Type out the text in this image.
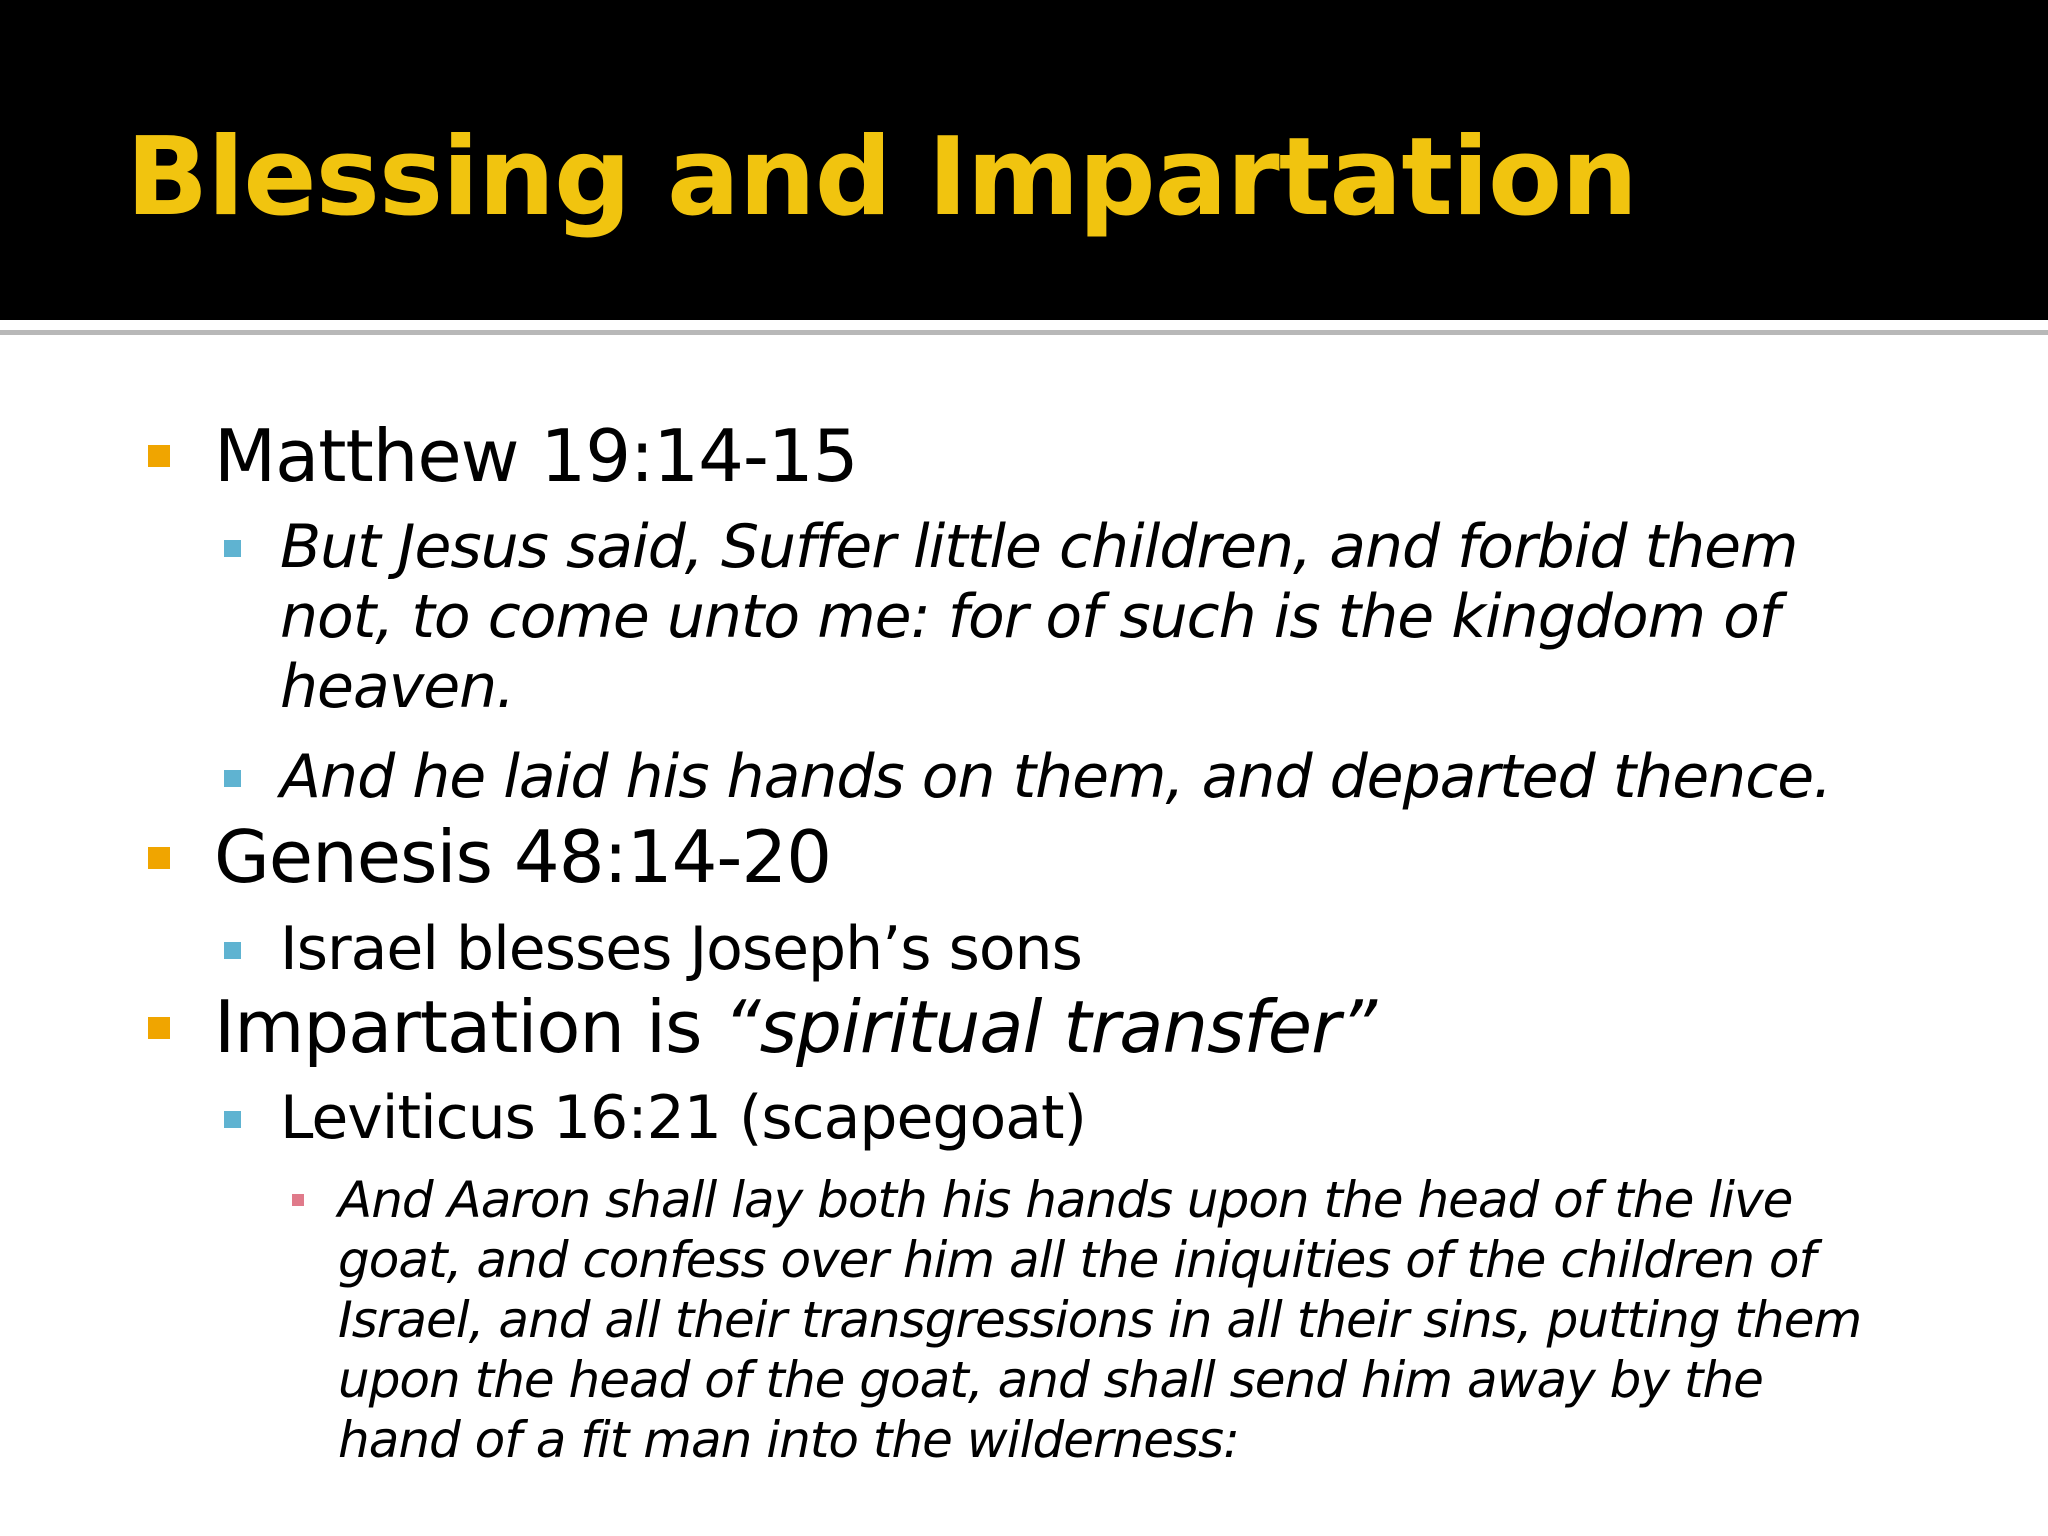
Blessing and Impartation
Matthew 19:14-15
But Jesus said, Suffer little children, and forbid them not, to come unto me: for of such is the kingdom of heaven.
And he laid his hands on them, and departed thence.
Genesis 48:14-20
Israel blesses Joseph’s sons
Impartation is “spiritual transfer”
Leviticus 16:21 (scapegoat)
And Aaron shall lay both his hands upon the head of the live goat, and confess over him all the iniquities of the children of Israel, and all their transgressions in all their sins, putting them upon the head of the goat, and shall send him away by the hand of a fit man into the wilderness:
